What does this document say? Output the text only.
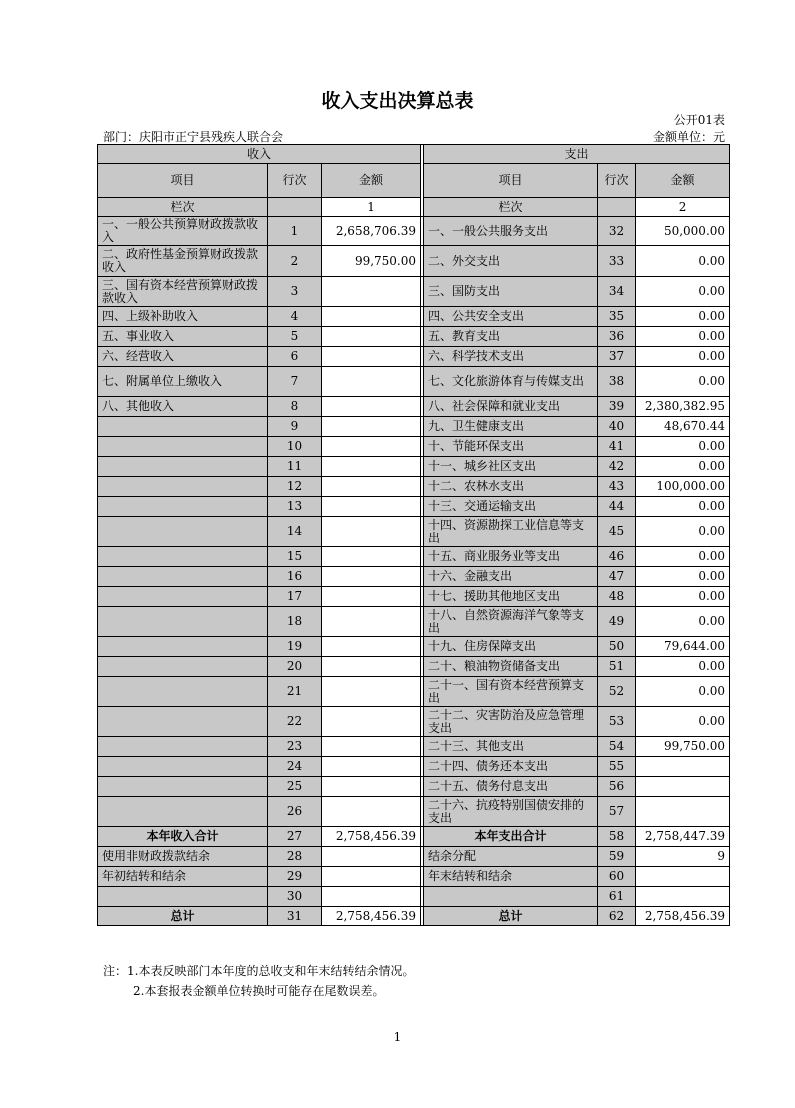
收入支出决算总表
公开01表
部门：庆阳市正宁县残疾人联合会	金额单位：元
收入				支出		
项目	行次	金额		项目	行次	金额
栏次		1		栏次		2
一、一般公共预算财政拨款收入	1	2,658,706.39		一、一般公共服务支出	32	50,000.00
二、政府性基金预算财政拨款收入	2	99,750.00		二、外交支出	33	0.00
三、国有资本经营预算财政拨款收入	3			三、国防支出	34	0.00
四、上级补助收入	4			四、公共安全支出	35	0.00
五、事业收入	5			五、教育支出	36	0.00
六、经营收入	6			六、科学技术支出	37	0.00
七、附属单位上缴收入	7			七、文化旅游体育与传媒支出	38	0.00
八、其他收入	8			八、社会保障和就业支出	39	2,380,382.95
	9			九、卫生健康支出	40	48,670.44
	10			十、节能环保支出	41	0.00
	11			十一、城乡社区支出	42	0.00
	12			十二、农林水支出	43	100,000.00
	13			十三、交通运输支出	44	0.00
	14			十四、资源勘探工业信息等支出	45	0.00
	15			十五、商业服务业等支出	46	0.00
	16			十六、金融支出	47	0.00
	17			十七、援助其他地区支出	48	0.00
	18			十八、自然资源海洋气象等支出	49	0.00
	19			十九、住房保障支出	50	79,644.00
	20			二十、粮油物资储备支出	51	0.00
	21			二十一、国有资本经营预算支出	52	0.00
	22			二十二、灾害防治及应急管理支出	53	0.00
	23			二十三、其他支出	54	99,750.00
	24			二十四、债务还本支出	55	
	25			二十五、债务付息支出	56	
	26			二十六、抗疫特别国债安排的支出	57	
本年收入合计	27	2,758,456.39		本年支出合计	58	2,758,447.39
使用非财政拨款结余	28			结余分配	59	9
年初结转和结余	29			年末结转和结余	60	
	30				61	
总计	31	2,758,456.39		总计	62	2,758,456.39
注：1.本表反映部门本年度的总收支和年末结转结余情况。
2.本套报表金额单位转换时可能存在尾数误差。
1
